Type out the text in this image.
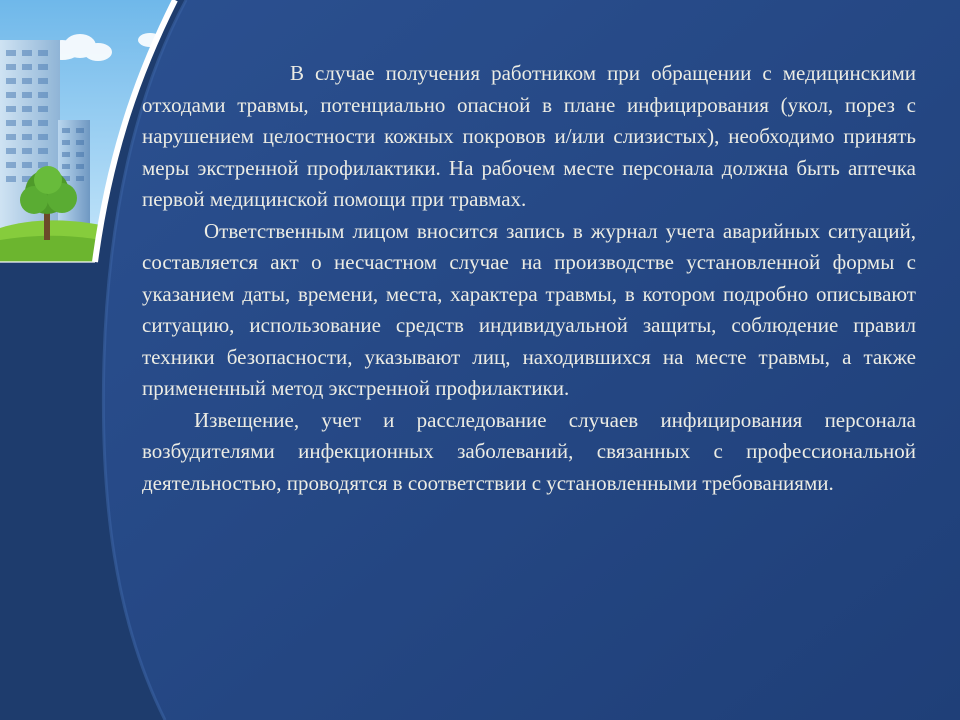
В случае получения работником при обращении с медицинскими отходами травмы, потенциально опасной в плане инфицирования (укол, порез с нарушением целостности кожных покровов и/или слизистых), необходимо принять меры экстренной профилактики. На рабочем месте персонала должна быть аптечка первой медицинской помощи при травмах.

Ответственным лицом вносится запись в журнал учета аварийных ситуаций, составляется акт о несчастном случае на производстве установленной формы с указанием даты, времени, места, характера травмы, в котором подробно описывают ситуацию, использование средств индивидуальной защиты, соблюдение правил техники безопасности, указывают лиц, находившихся на месте травмы, а также примененный метод экстренной профилактики.

Извещение, учет и расследование случаев инфицирования персонала возбудителями инфекционных заболеваний, связанных с профессиональной деятельностью, проводятся в соответствии с установленными требованиями.
